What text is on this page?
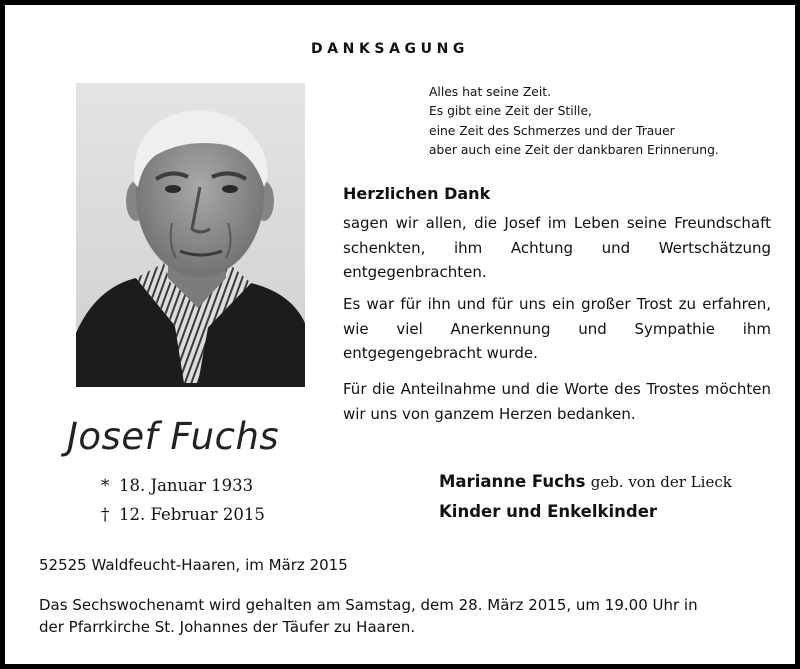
DANKSAGUNG
Alles hat seine Zeit.
Es gibt eine Zeit der Stille,
eine Zeit des Schmerzes und der Trauer
aber auch eine Zeit der dankbaren Erinnerung.
Herzlichen Dank
sagen wir allen, die Josef im Leben seine Freundschaft schenkten, ihm Achtung und Wertschätzung entgegenbrachten.
Es war für ihn und für uns ein großer Trost zu erfahren, wie viel Anerkennung und Sympathie ihm entgegengebracht wurde.
Für die Anteilnahme und die Worte des Trostes möchten wir uns von ganzem Herzen bedanken.
Josef Fuchs
* 18. Januar 1933
† 12. Februar 2015
Marianne Fuchs geb. von der Lieck
Kinder und Enkelkinder
52525 Waldfeucht-Haaren, im März 2015
Das Sechswochenamt wird gehalten am Samstag, dem 28. März 2015, um 19.00 Uhr in
der Pfarrkirche St. Johannes der Täufer zu Haaren.
